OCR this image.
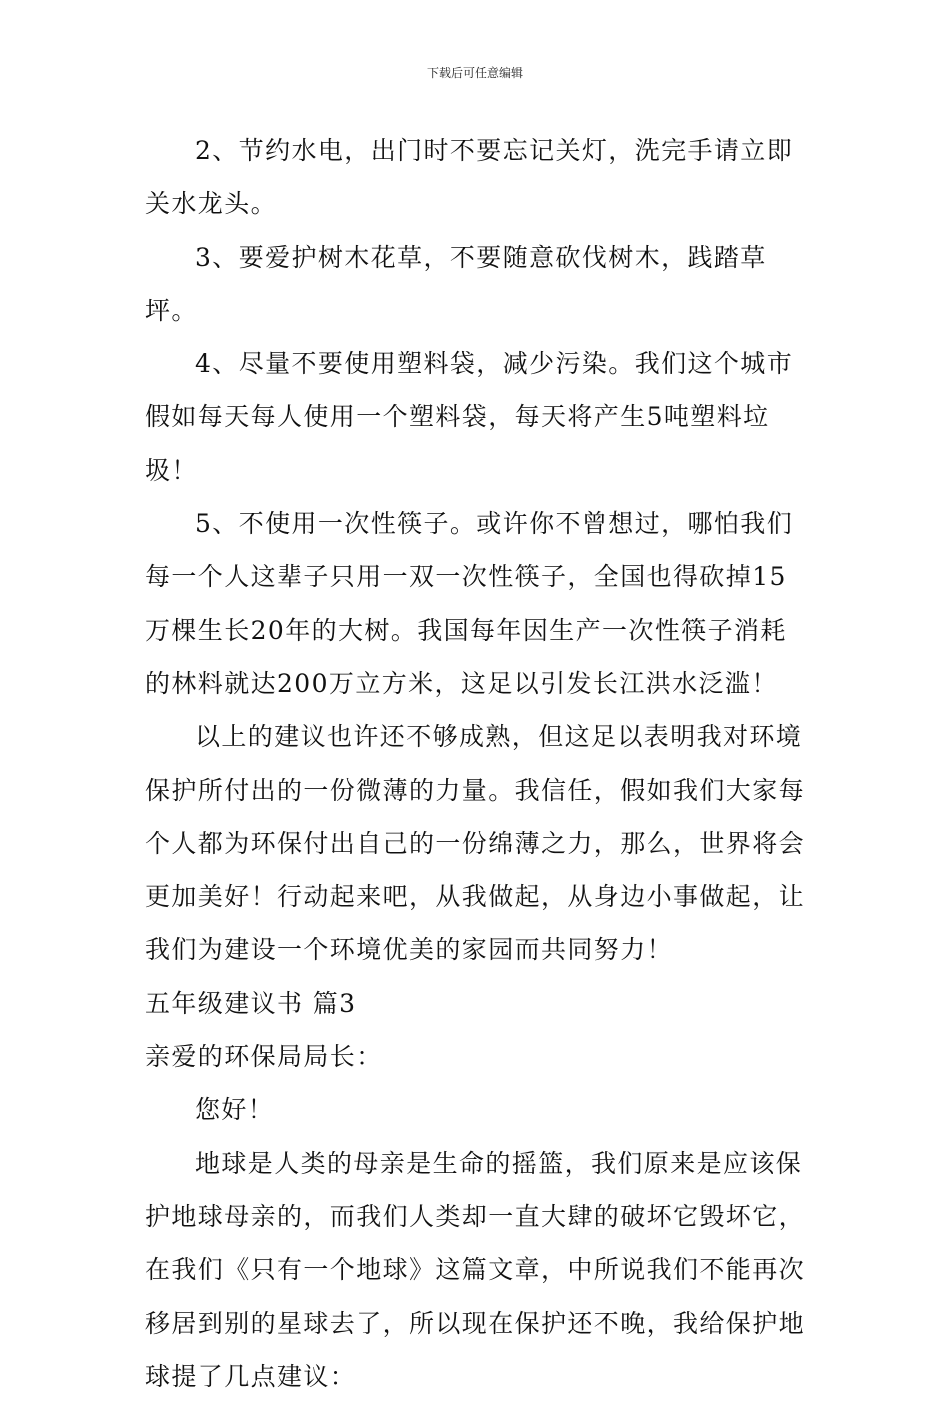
下载后可任意编辑

2、节约水电，出门时不要忘记关灯，洗完手请立即关水龙头。

3、要爱护树木花草，不要随意砍伐树木，践踏草坪。

4、尽量不要使用塑料袋，减少污染。我们这个城市假如每天每人使用一个塑料袋，每天将产生5吨塑料垃圾！

5、不使用一次性筷子。或许你不曾想过，哪怕我们每一个人这辈子只用一双一次性筷子，全国也得砍掉15万棵生长20年的大树。我国每年因生产一次性筷子消耗的林料就达200万立方米，这足以引发长江洪水泛滥！

以上的建议也许还不够成熟，但这足以表明我对环境保护所付出的一份微薄的力量。我信任，假如我们大家每个人都为环保付出自己的一份绵薄之力，那么，世界将会更加美好！行动起来吧，从我做起，从身边小事做起，让我们为建设一个环境优美的家园而共同努力！

五年级建议书 篇3

亲爱的环保局局长：

您好！

地球是人类的母亲是生命的摇篮，我们原来是应该保护地球母亲的，而我们人类却一直大肆的破坏它毁坏它，在我们《只有一个地球》这篇文章，中所说我们不能再次移居到别的星球去了，所以现在保护还不晚，我给保护地球提了几点建议：
